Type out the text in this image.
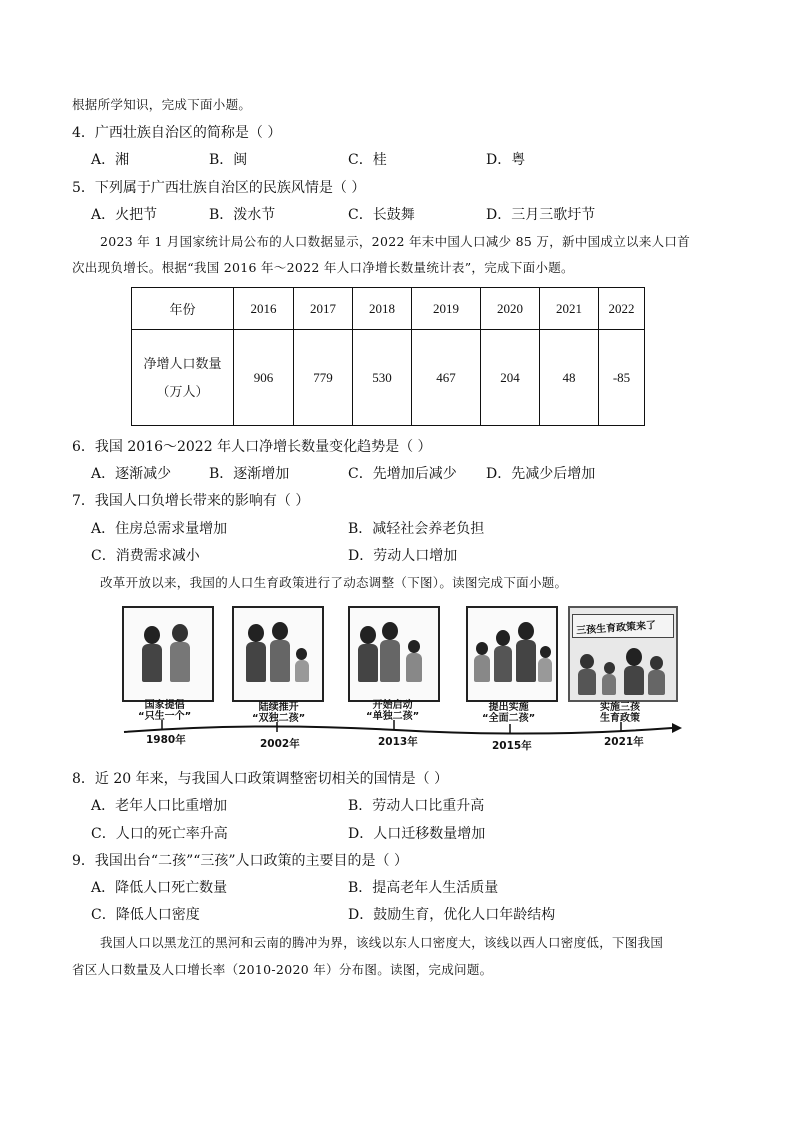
根据所学知识，完成下面小题。
4．广西壮族自治区的简称是（ ）
A．湘	B．闽	C．桂	D．粤
5．下列属于广西壮族自治区的民族风情是（ ）
A．火把节	B．泼水节	C．长鼓舞	D．三月三歌圩节
2023 年 1 月国家统计局公布的人口数据显示，2022 年末中国人口减少 85 万，新中国成立以来人口首
次出现负增长。根据“我国 2016 年～2022 年人口净增长数量统计表”，完成下面小题。
年份	2016	2017	2018	2019	2020	2021	2022

净增人口数量
（万人）	906	779	530	467	204	48	-85
6．我国 2016～2022 年人口净增长数量变化趋势是（ ）
A．逐渐减少	B．逐渐增加	C．先增加后减少 D．先减少后增加
7．我国人口负增长带来的影响有（ ）
A．住房总需求量增加	B．减轻社会养老负担
C．消费需求减小	D．劳动人口增加
改革开放以来，我国的人口生育政策进行了动态调整（下图）。读图完成下面小题。
三孩生育政策来了
国家提倡
“只生一个”
陆续推开
“双独二孩”
开始启动
“单独二孩”
提出实施
“全面二孩”
实施三孩
生育政策
1980年	2002年	2013年	2015年	2021年
8．近 20 年来，与我国人口政策调整密切相关的国情是（ ）
A．老年人口比重增加	B．劳动人口比重升高
C．人口的死亡率升高	D．人口迁移数量增加
9．我国出台“二孩”“三孩”人口政策的主要目的是（ ）
A．降低人口死亡数量	B．提高老年人生活质量
C．降低人口密度	D．鼓励生育，优化人口年龄结构
我国人口以黑龙江的黑河和云南的腾冲为界，该线以东人口密度大，该线以西人口密度低，下图我国
省区人口数量及人口增长率（2010-2020 年）分布图。读图，完成问题。
